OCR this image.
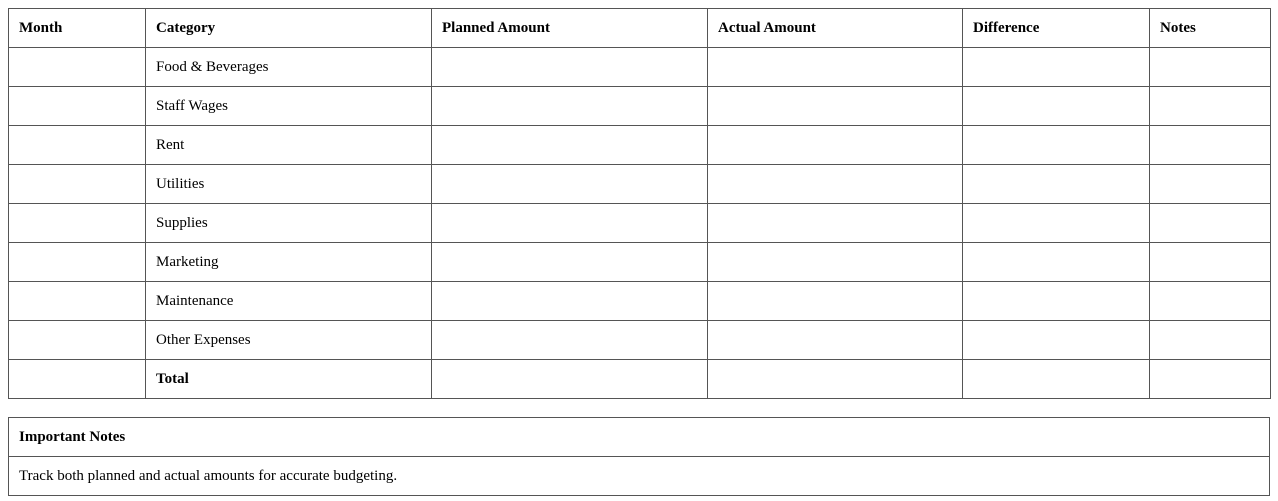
Month	Category	Planned Amount	Actual Amount	Difference	Notes
	Food & Beverages				
	Staff Wages				
	Rent				
	Utilities				
	Supplies				
	Marketing				
	Maintenance				
	Other Expenses				
	Total				
Important Notes
Track both planned and actual amounts for accurate budgeting.
